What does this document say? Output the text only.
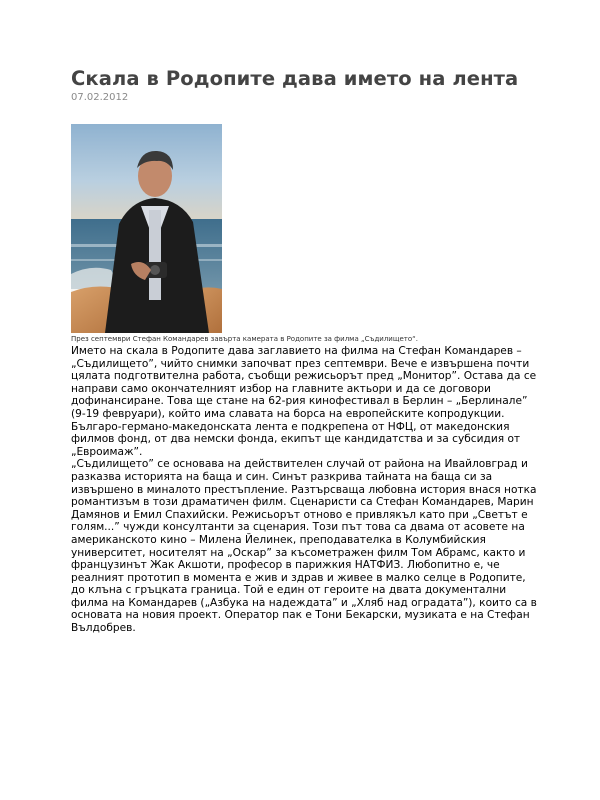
Скала в Родопите дава името на лента
07.02.2012
През септември Стефан Командарев завърта камерата в Родопите за филма „Съдилището“.

Името на скала в Родопите дава заглавието на филма на Стефан Командарев – „Съдилището”, чийто снимки започват през септември. Вече е извършена почти цялата подготвителна работа, съобщи режисьорът пред „Монитор”. Остава да се направи само окончателният избор на главните актьори и да се договори дофинансиране. Това ще стане на 62-рия кинофестивал в Берлин – „Берлинале” (9-19 февруари), който има славата на борса на европейските копродукции. Българо-германо-македонската лента е подкрепена от НФЦ, от македонския филмов фонд, от два немски фонда, екипът ще кандидатства и за субсидия от „Евроимаж”.

„Съдилището” се основава на действителен случай от района на Ивайловград и разказва историята на баща и син. Синът разкрива тайната на баща си за извършено в миналото престъпление. Разтърсваща любовна история внася нотка романтизъм в този драматичен филм. Сценаристи са Стефан Командарев, Марин Дамянов и Емил Спахийски. Режисьорът отново е привлякъл като при „Светът е голям...” чужди консултанти за сценария. Този път това са двама от асовете на американското кино – Милена Йелинек, преподавателка в Колумбийския университет, носителят на „Оскар” за късометражен филм Том Абрамс, както и французинът Жак Акшоти, професор в парижкия НАТФИЗ. Любопитно е, че реалният прототип в момента е жив и здрав и живее в малко селце в Родопите, до клъна с гръцката граница. Той е един от героите на двата документални филма на Командарев („Азбука на надеждата” и „Хляб над оградата”), които са в основата на новия проект. Оператор пак е Тони Бекарски, музиката е на Стефан Вълдобрев.
